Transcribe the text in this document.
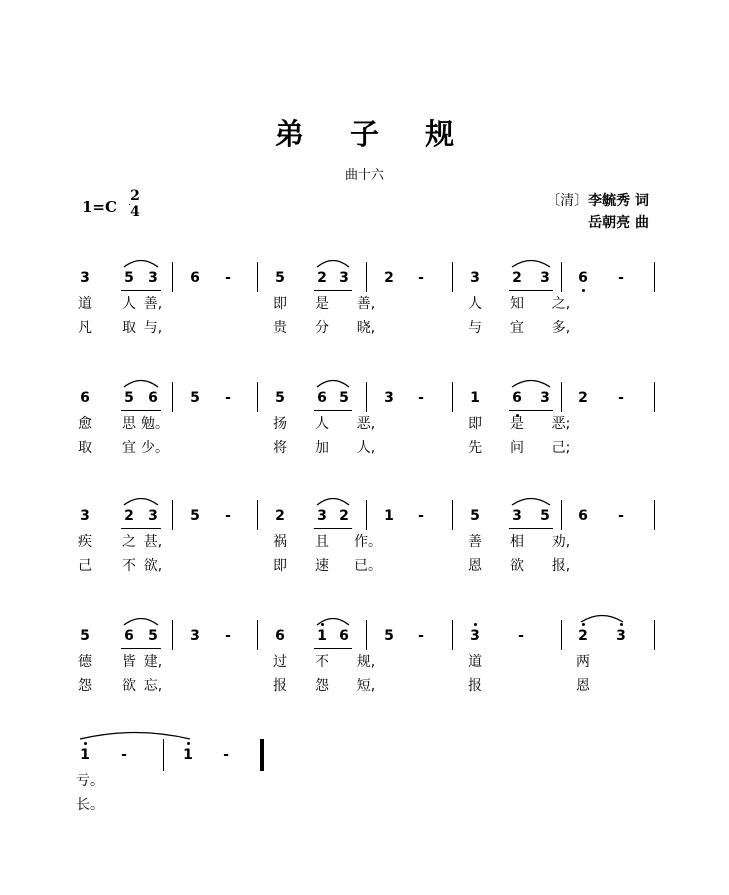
弟 子 规
曲十六
1=C
2
4
〔清〕李毓秀 词
岳朝亮 曲
3	5	3	6	-	5	2 3	2	-	3	2	3	6	-
道	人 善,	即	是	善,	人	知	之,
凡	取 与,	贵	分	晓,	与	宜	多,
6	5	6	5	-	5	6 5	3	-	1	6	3	2	-
愈	思 勉。	扬	人	恶,	即	是	恶;
取	宜 少。	将	加	人,	先	问	己;
3	2	3	5	-	2	3 2	1	-	5	3	5	6	-
疾	之 甚,	祸	且	作。	善	相	劝,
己	不 欲,	即	速	已。	恩	欲	报,
5	6	5	3	-	6	1 6	5	-	3	-	2	3
德	皆 建,	过	不	规,	道	两
怨	欲 忘,	报	怨	短,	报	恩
1	-	1	-
亏。
长。
